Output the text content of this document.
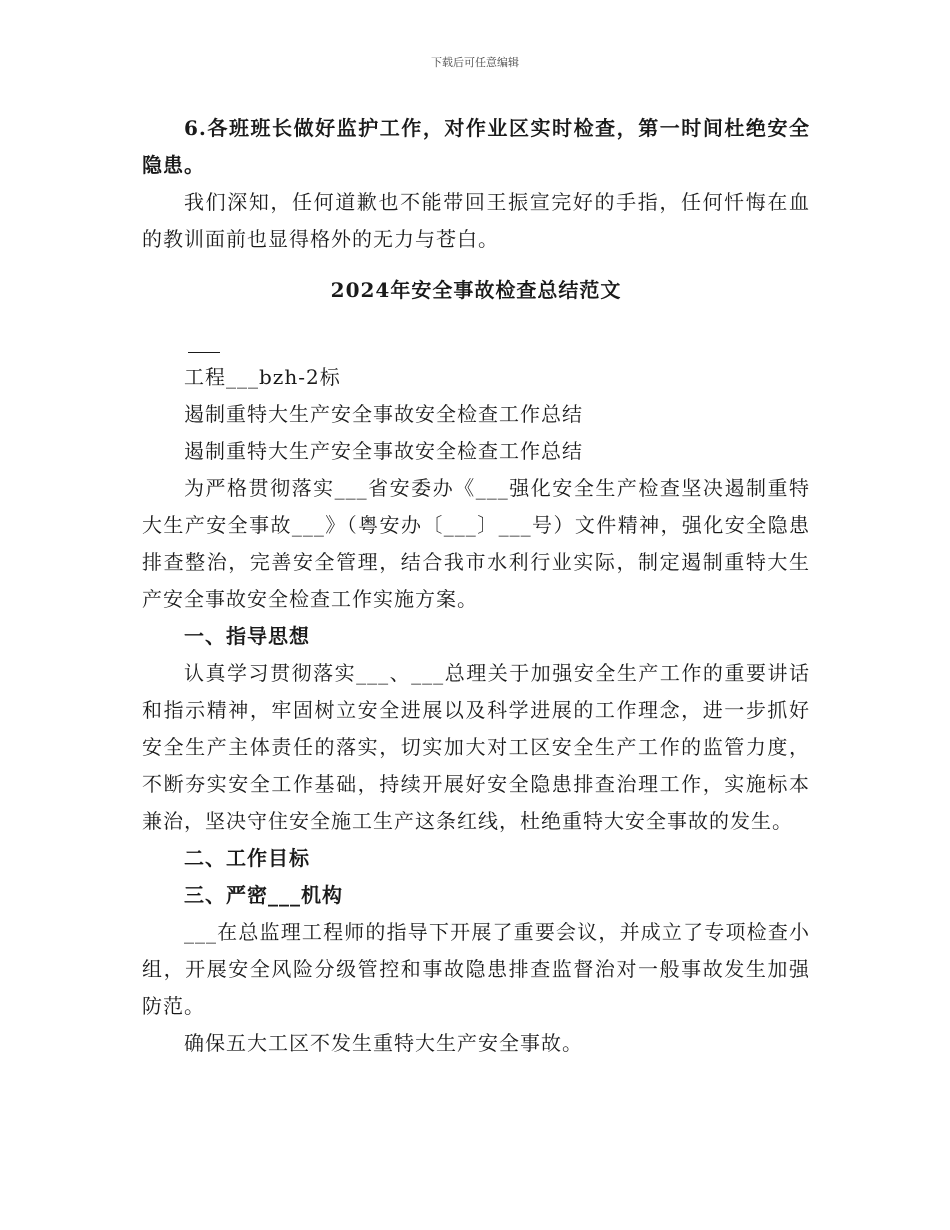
下载后可任意编辑

6.各班班长做好监护工作，对作业区实时检查，第一时间杜绝安全隐患。

我们深知，任何道歉也不能带回王振宣完好的手指，任何忏悔在血的教训面前也显得格外的无力与苍白。

2024年安全事故检查总结范文

工程___bzh-2标

遏制重特大生产安全事故安全检查工作总结

遏制重特大生产安全事故安全检查工作总结

为严格贯彻落实___省安委办《___强化安全生产检查坚决遏制重特大生产安全事故___》（粤安办〔___〕___号）文件精神，强化安全隐患排查整治，完善安全管理，结合我市水利行业实际，制定遏制重特大生产安全事故安全检查工作实施方案。

一、指导思想

认真学习贯彻落实___、___总理关于加强安全生产工作的重要讲话和指示精神，牢固树立安全进展以及科学进展的工作理念，进一步抓好安全生产主体责任的落实，切实加大对工区安全生产工作的监管力度，不断夯实安全工作基础，持续开展好安全隐患排查治理工作，实施标本兼治，坚决守住安全施工生产这条红线，杜绝重特大安全事故的发生。

二、工作目标

三、严密___机构

___在总监理工程师的指导下开展了重要会议，并成立了专项检查小组，开展安全风险分级管控和事故隐患排查监督治对一般事故发生加强防范。

确保五大工区不发生重特大生产安全事故。
